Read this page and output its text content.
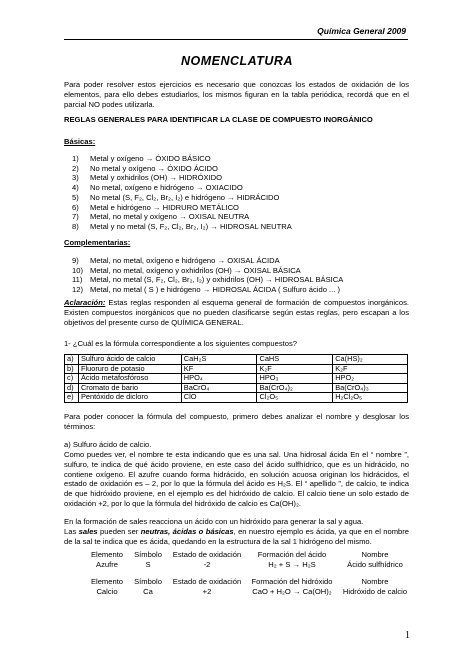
Química General 2009
NOMENCLATURA
Para poder resolver estos ejercicios es necesario que conozcas los estados de oxidación de los elementos, para ello debes estudiarlos, los mismos figuran en la tabla periódica, recordá que en el parcial NO podes utilizarla.
REGLAS GENERALES PARA IDENTIFICAR LA CLASE DE COMPUESTO INORGÁNICO
Básicas:
1)	Metal y oxígeno → ÓXIDO BÁSICO
2)	No metal y oxígeno → ÓXIDO ÁCIDO
3)	Metal y oxhidrilos (OH) → HIDRÓXIDO
4)	No metal, oxígeno e hidrógeno → OXIACIDO
5)	No metal (S, F₂, Cl₂, Br₂, I₂) e hidrógeno → HIDRÁCIDO
6)	Metal e hidrógeno → HIDRURO METÁLICO
7)	Metal, no metal y oxígeno → OXISAL NEUTRA
8)	Metal y no metal (S, F₂, Cl₂, Br₂, I₂) → HIDROSAL NEUTRA
Complementarias:
9)	Metal, no metal, oxígeno e hidrógeno → OXISAL ÁCIDA
10) Metal, no metal, oxígeno y oxhidrilos (OH) → OXISAL BÁSICA
11) Metal, no metal (S, F₂, Cl₂, Br₂, I₂) y oxhidrilos (OH) → HIDROSAL BÁSICA
12) Metal, no metal ( S ) e hidrógeno → HIDROSAL ÁCIDA ( Sulfuro ácido ... )
Aclaración: Estas reglas responden al esquema general de formación de compuestos inorgánicos. Existen compuestos inorgánicos que no pueden clasificarse según estas reglas, pero escapan a los objetivos del presente curso de QUÍMICA GENERAL.
1- ¿Cuál es la fórmula correspondiente a los siguientes compuestos?
a)	Sulfuro ácido de calcio	CaH₂S	CaHS	Ca(HS)₂
b)	Fluoruro de potasio	KF	K₂F	K₂F
c)	Ácido metafosfóroso	HPO₄	HPO₃	HPO₂
d)	Cromato de bario	BaCrO₄	Ba(CrO₄)₂	Ba(CrO₄)₃
e)	Pentóxido de dicloro	ClO	Cl₂O₅	H₂Cl₂O₅
Para poder conocer la fórmula del compuesto, primero debes analizar el nombre y desglosar los términos:
a) Sulfuro ácido de calcio.
Como puedes ver, el nombre te esta indicando que es una sal. Una hidrosal ácida En el “ nombre ”, sulfuro, te indica de qué ácido proviene, en este caso del ácido sulfhídrico, que es un hidrácido, no contiene oxígeno. El azufre cuando forma hidrácido, en solución acuosa originan los hidrácidos, el estado de oxidación es – 2, por lo que la fórmula del ácido es H₂S. El “ apellido ”, de calcio, te indica de que hidróxido proviene, en el ejemplo es del hidróxido de calcio. El calcio tiene un solo estado de oxidación +2, por lo que la fórmula del hidróxido de calcio es Ca(OH)₂.
En la formación de sales reacciona un ácido con un hidróxido para generar la sal y agua.
Las sales pueden ser neutras, ácidas o básicas, en nuestro ejemplo es ácida, ya que en el nombre de la sal te indica que es ácida, quedando en la estructura de la sal 1 hidrógeno del mismo.
Elemento	Símbolo	Estado de oxidación	Formación del ácido	Nombre
Azufre	S	-2	H₂ + S → H₂S	Ácido sulfhídrico
Elemento	Símbolo	Estado de oxidación	Formación del hidróxido	Nombre
Calcio	Ca	+2	CaO + H₂O → Ca(OH)₂	Hidróxido de calcio
1
